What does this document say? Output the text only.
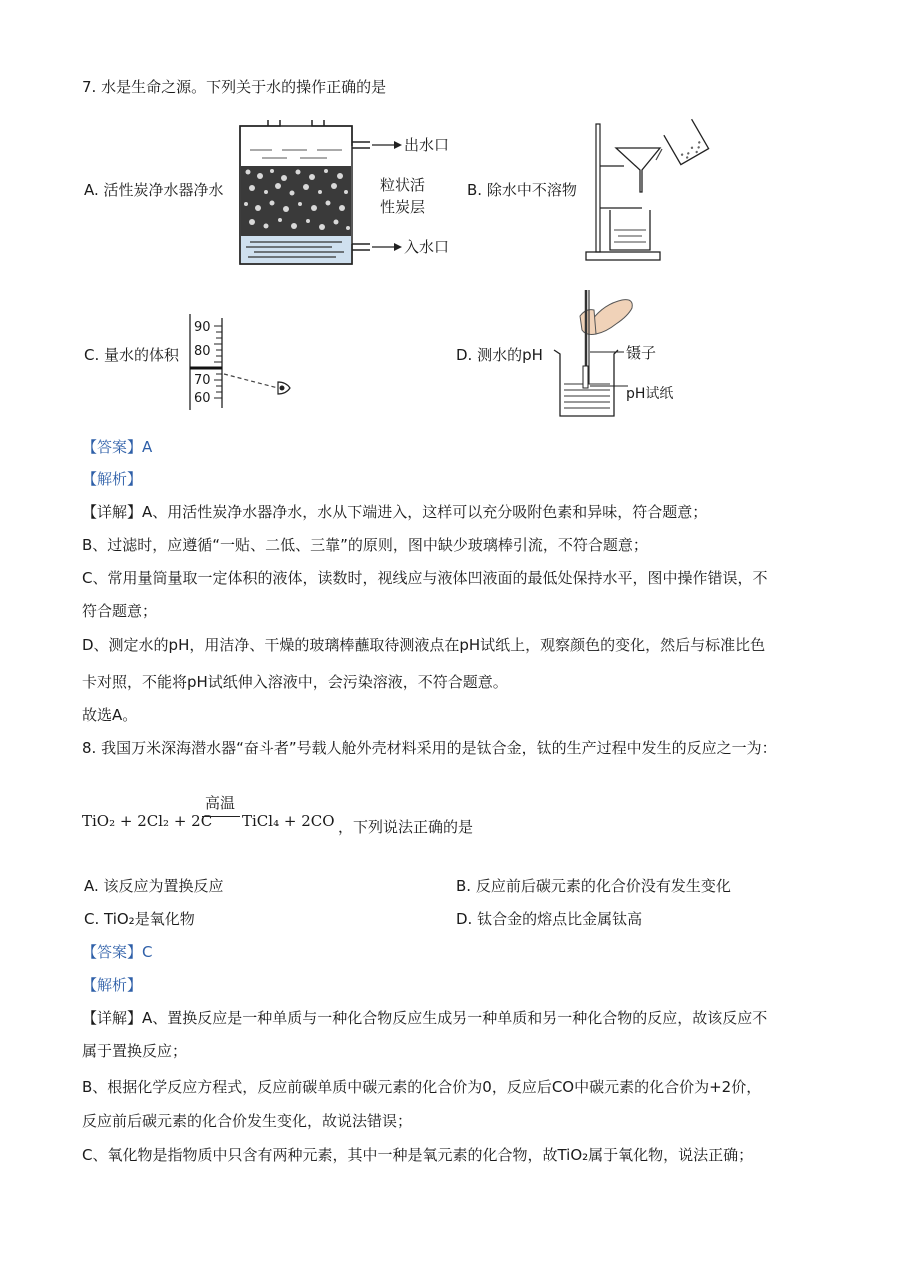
7. 水是生命之源。下列关于水的操作正确的是
A. 活性炭净水器净水
出水口
入水口
粒状活
性炭层
B. 除水中不溶物
C. 量水的体积
90
80
70
60
D. 测水的pH	镊子
pH试纸
【答案】A
【解析】
【详解】A、用活性炭净水器净水，水从下端进入，这样可以充分吸附色素和异味，符合题意；
B、过滤时，应遵循“一贴、二低、三靠”的原则，图中缺少玻璃棒引流，不符合题意；
C、常用量筒量取一定体积的液体，读数时，视线应与液体凹液面的最低处保持水平，图中操作错误，不
符合题意；
D、测定水的pH，用洁净、干燥的玻璃棒蘸取待测液点在pH试纸上，观察颜色的变化，然后与标准比色
卡对照，不能将pH试纸伸入溶液中，会污染溶液，不符合题意。
故选A。
8. 我国万米深海潜水器“奋斗者”号载人舱外壳材料采用的是钛合金，钛的生产过程中发生的反应之一为：
TiO₂ + 2Cl₂ + 2C
高温
TiCl₄ + 2CO ，下列说法正确的是
A. 该反应为置换反应	B. 反应前后碳元素的化合价没有发生变化
C. TiO₂是氧化物	D. 钛合金的熔点比金属钛高
【答案】C
【解析】
【详解】A、置换反应是一种单质与一种化合物反应生成另一种单质和另一种化合物的反应，故该反应不
属于置换反应；
B、根据化学反应方程式，反应前碳单质中碳元素的化合价为0，反应后CO中碳元素的化合价为+2价，
反应前后碳元素的化合价发生变化，故说法错误；
C、氧化物是指物质中只含有两种元素，其中一种是氧元素的化合物，故TiO₂属于氧化物，说法正确；
